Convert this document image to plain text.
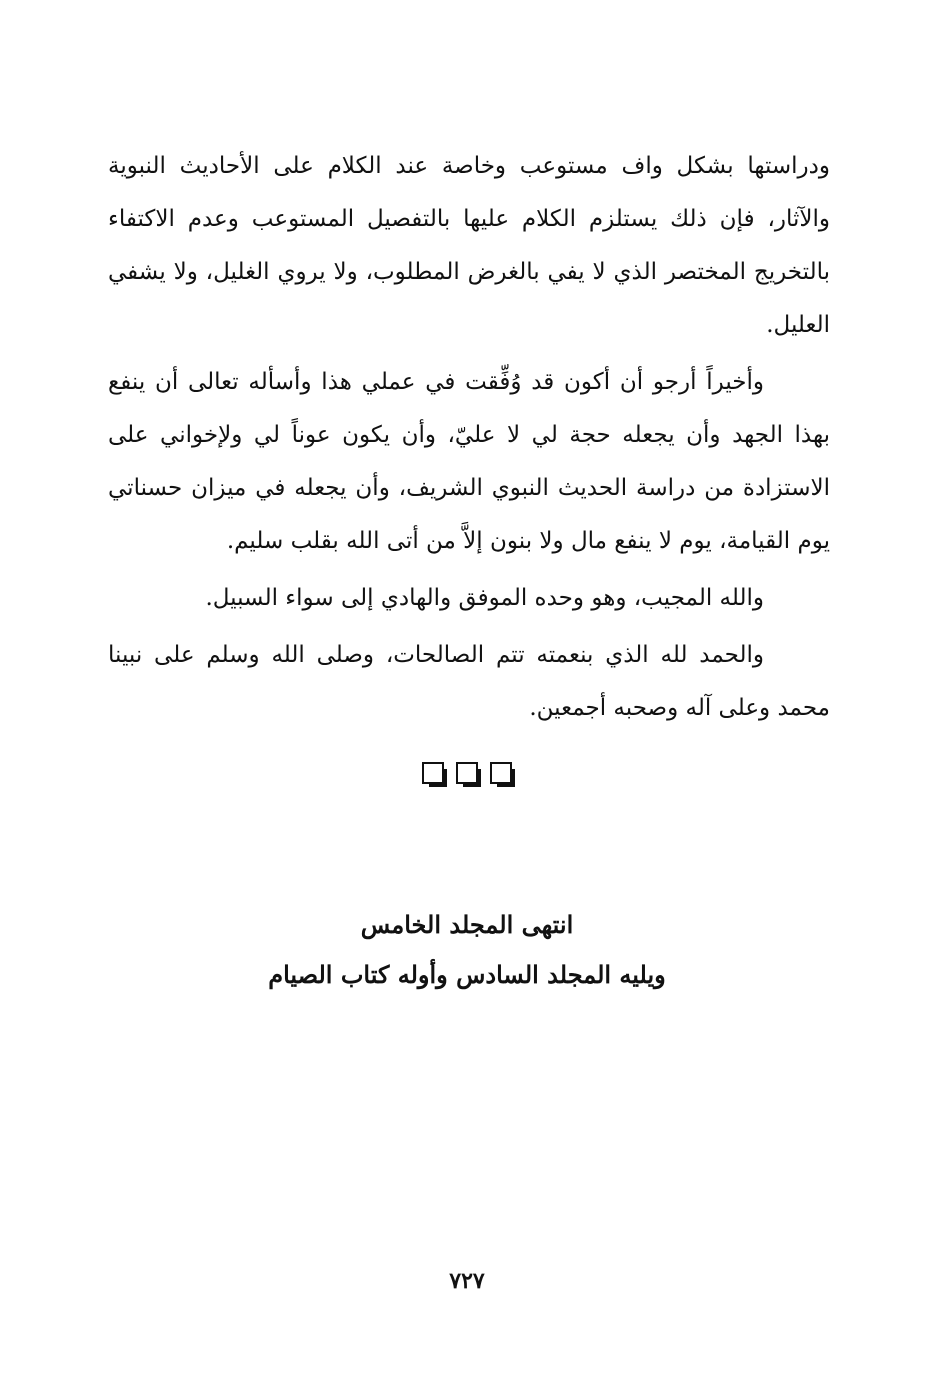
ودراستها بشكل واف مستوعب وخاصة عند الكلام على الأحاديث النبوية والآثار، فإن ذلك يستلزم الكلام عليها بالتفصيل المستوعب وعدم الاكتفاء بالتخريج المختصر الذي لا يفي بالغرض المطلوب، ولا يروي الغليل، ولا يشفي العليل.

وأخيراً أرجو أن أكون قد وُفِّقت في عملي هذا وأسأله تعالى أن ينفع بهذا الجهد وأن يجعله حجة لي لا عليّ، وأن يكون عوناً لي ولإخواني على الاستزادة من دراسة الحديث النبوي الشريف، وأن يجعله في ميزان حسناتي يوم القيامة، يوم لا ينفع مال ولا بنون إلاَّ من أتى الله بقلب سليم.

والله المجيب، وهو وحده الموفق والهادي إلى سواء السبيل.

والحمد لله الذي بنعمته تتم الصالحات، وصلى الله وسلم على نبينا محمد وعلى آله وصحبه أجمعين.

انتهى المجلد الخامس
ويليه المجلد السادس وأوله كتاب الصيام
٧٢٧
